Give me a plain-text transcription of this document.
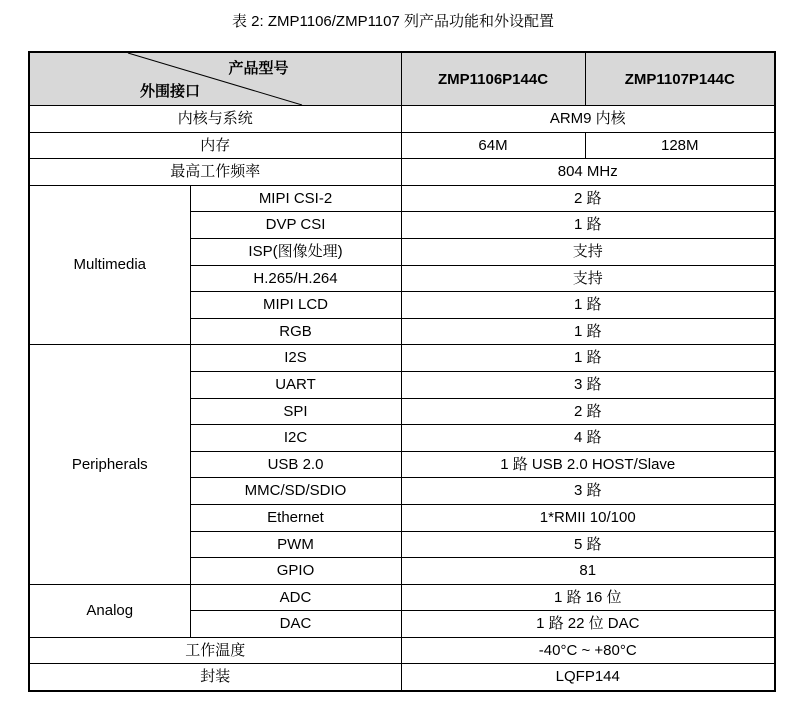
表 2: ZMP1106/ZMP1107 列产品功能和外设配置
产品型号
外围接口		ZMP1106P144C	ZMP1107P144C
内核与系统		ARM9 内核	
内存		64M	128M
最高工作频率		804 MHz	
Multimedia	MIPI CSI-2	2 路	
	DVP CSI	1 路	
	ISP(图像处理)	支持	
	H.265/H.264	支持	
	MIPI LCD	1 路	
	RGB	1 路	
Peripherals	I2S	1 路	
	UART	3 路	
	SPI	2 路	
	I2C	4 路	
	USB 2.0	1 路 USB 2.0 HOST/Slave	
	MMC/SD/SDIO	3 路	
	Ethernet	1*RMII 10/100	
	PWM	5 路	
	GPIO	81	
Analog	ADC	1 路 16 位	
	DAC	1 路 22 位 DAC	
工作温度		-40°C ~ +80°C	
封装		LQFP144	
